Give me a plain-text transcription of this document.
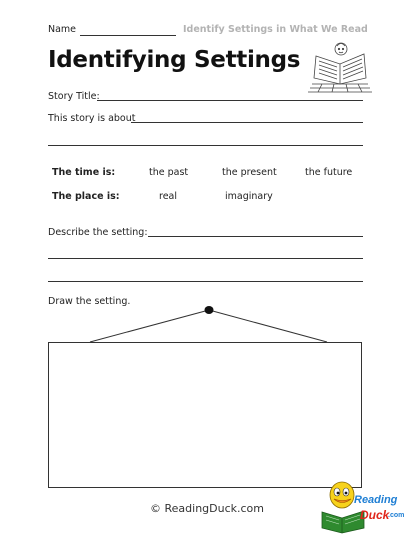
Name	Identify Settings in What We Read
Identifying Settings
Story Title:
This story is about
The time is:	the past	the present	the future
The place is:	real	imaginary
Describe the setting:
Draw the setting.
© ReadingDuck.com
Reading
Duck
.com
